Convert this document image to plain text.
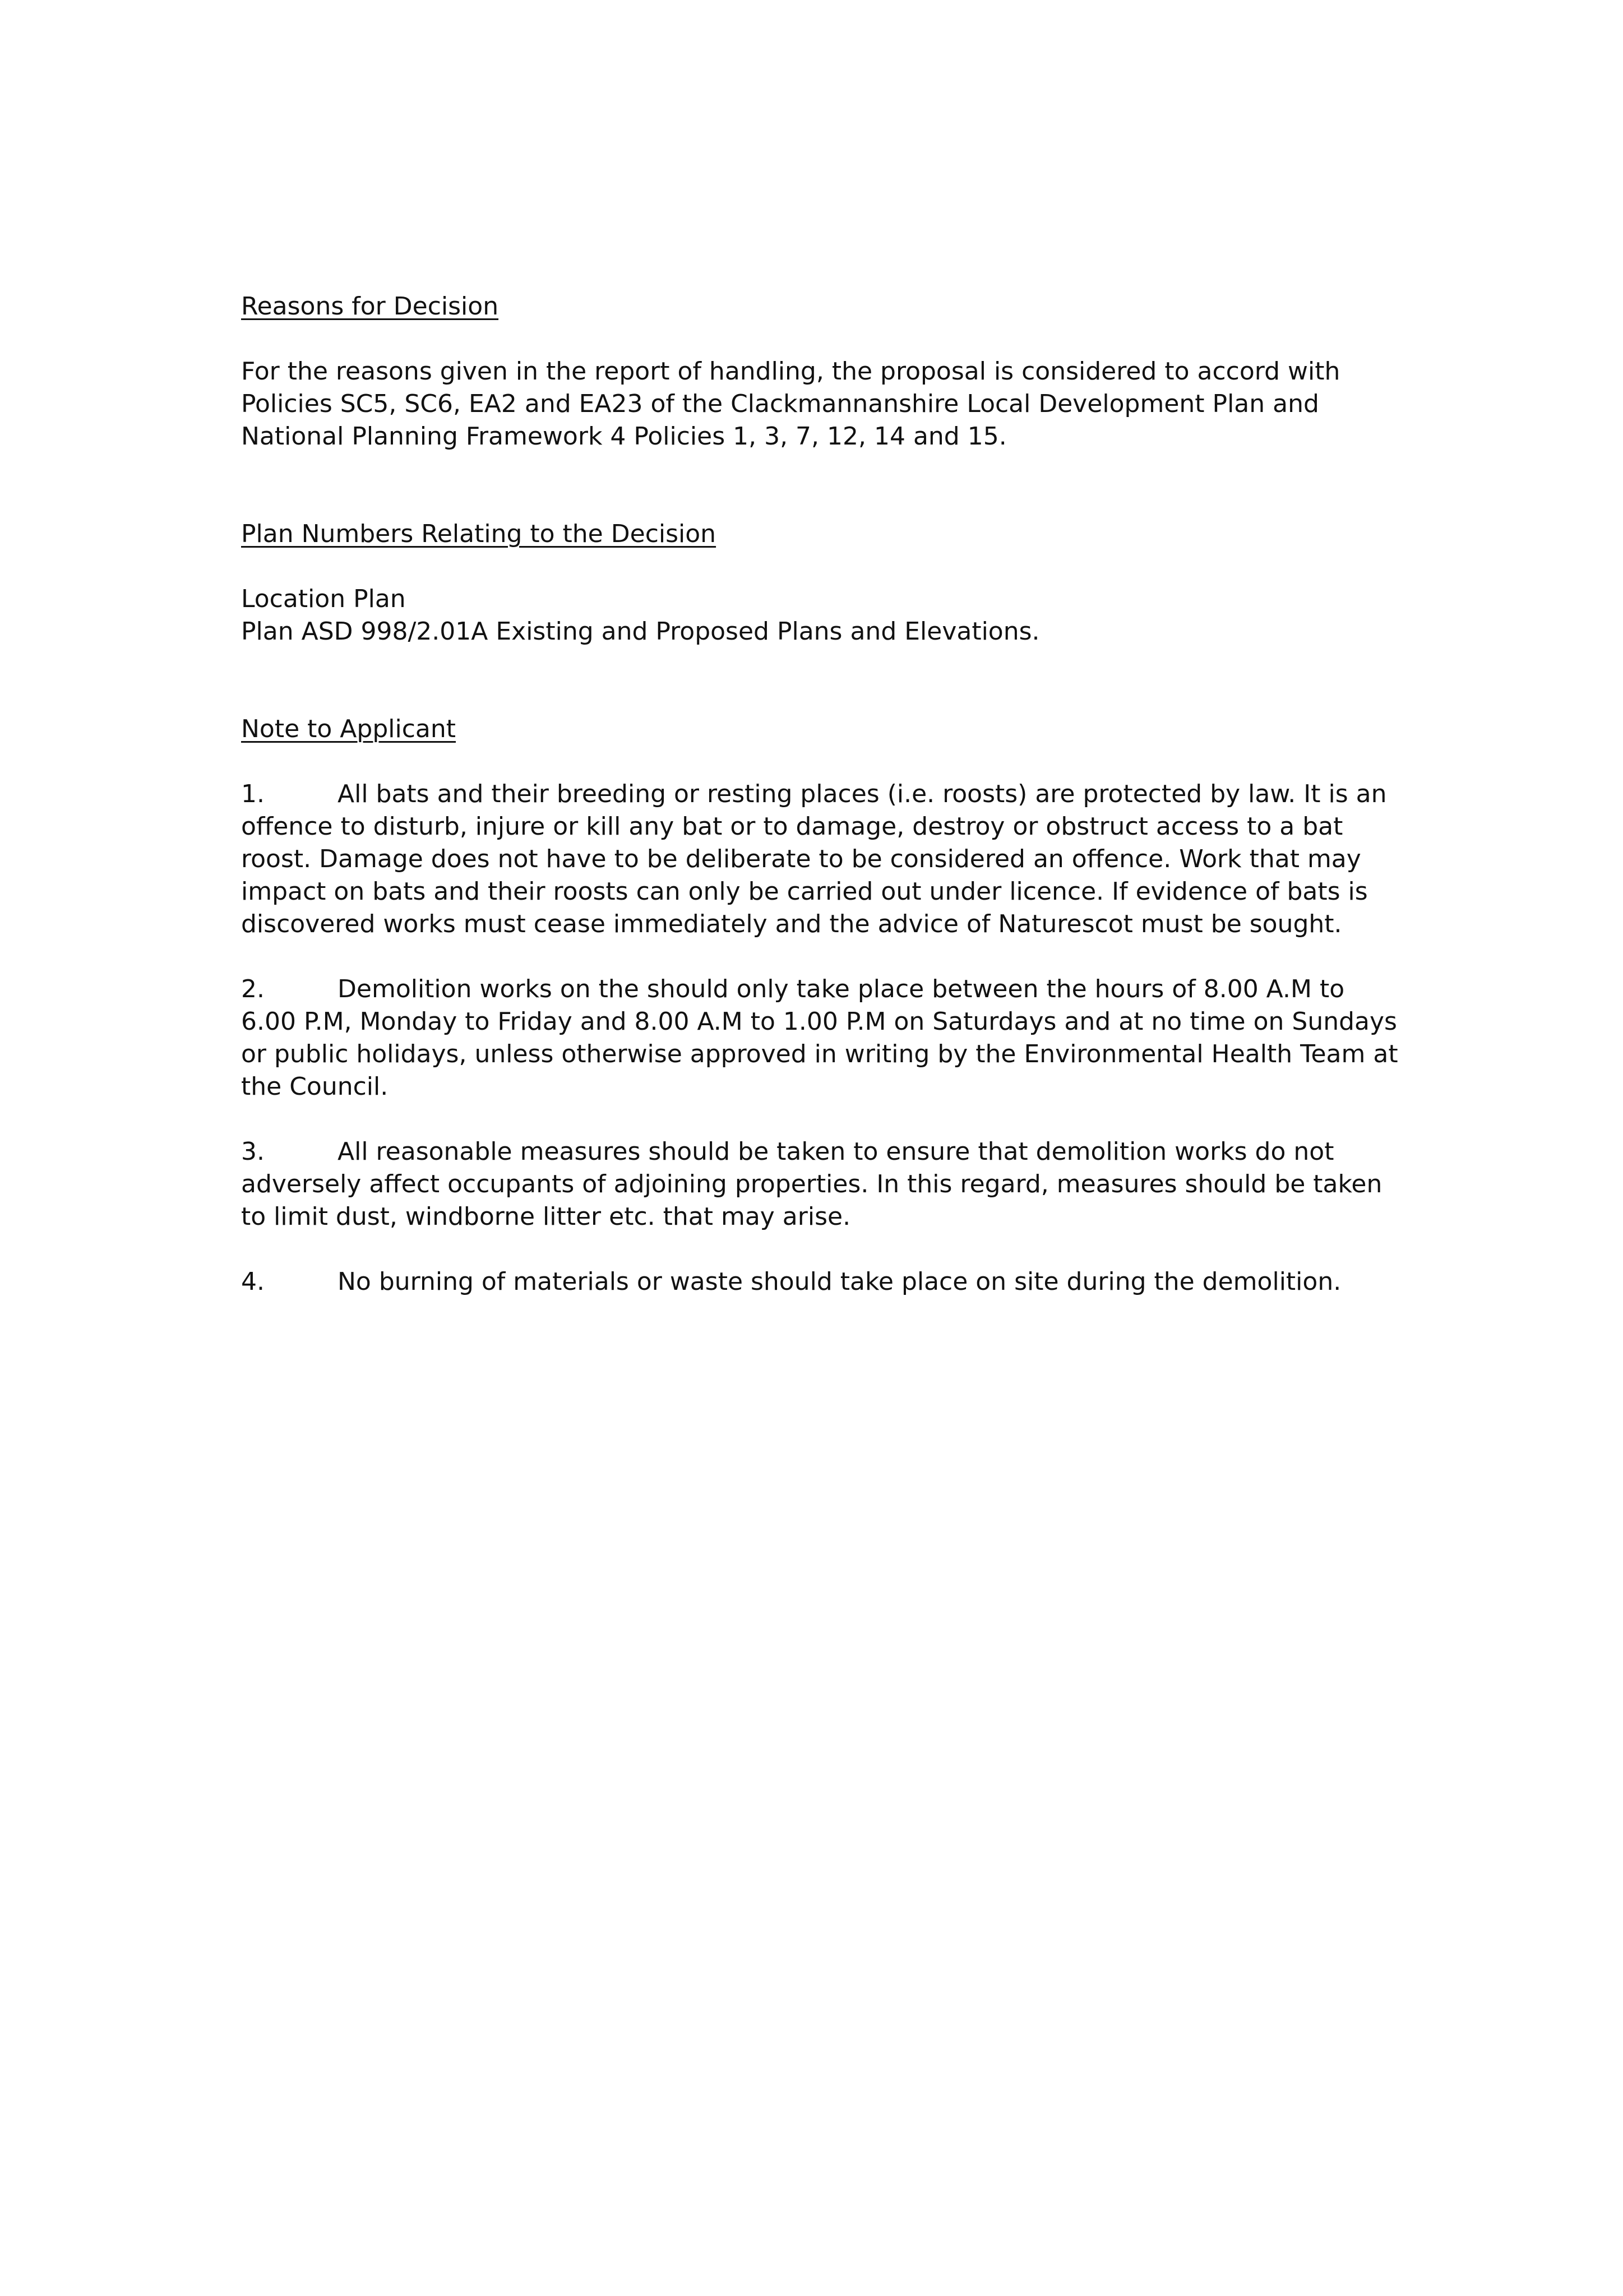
Reasons for Decision

For the reasons given in the report of handling, the proposal is considered to accord with Policies SC5, SC6, EA2 and EA23 of the Clackmannanshire Local Development Plan and National Planning Framework 4 Policies 1, 3, 7, 12, 14 and 15.

Plan Numbers Relating to the Decision
Location Plan
Plan ASD 998/2.01A Existing and Proposed Plans and Elevations.
Note to Applicant

1.	All bats and their breeding or resting places (i.e. roosts) are protected by law. It is an offence to disturb, injure or kill any bat or to damage, destroy or obstruct access to a bat roost. Damage does not have to be deliberate to be considered an offence. Work that may impact on bats and their roosts can only be carried out under licence. If evidence of bats is discovered works must cease immediately and the advice of Naturescot must be sought.

2.	Demolition works on the should only take place between the hours of 8.00 A.M to 6.00 P.M, Monday to Friday and 8.00 A.M to 1.00 P.M on Saturdays and at no time on Sundays or public holidays, unless otherwise approved in writing by the Environmental Health Team at the Council.

3.	All reasonable measures should be taken to ensure that demolition works do not adversely affect occupants of adjoining properties. In this regard, measures should be taken to limit dust, windborne litter etc. that may arise.

4.	No burning of materials or waste should take place on site during the demolition.
